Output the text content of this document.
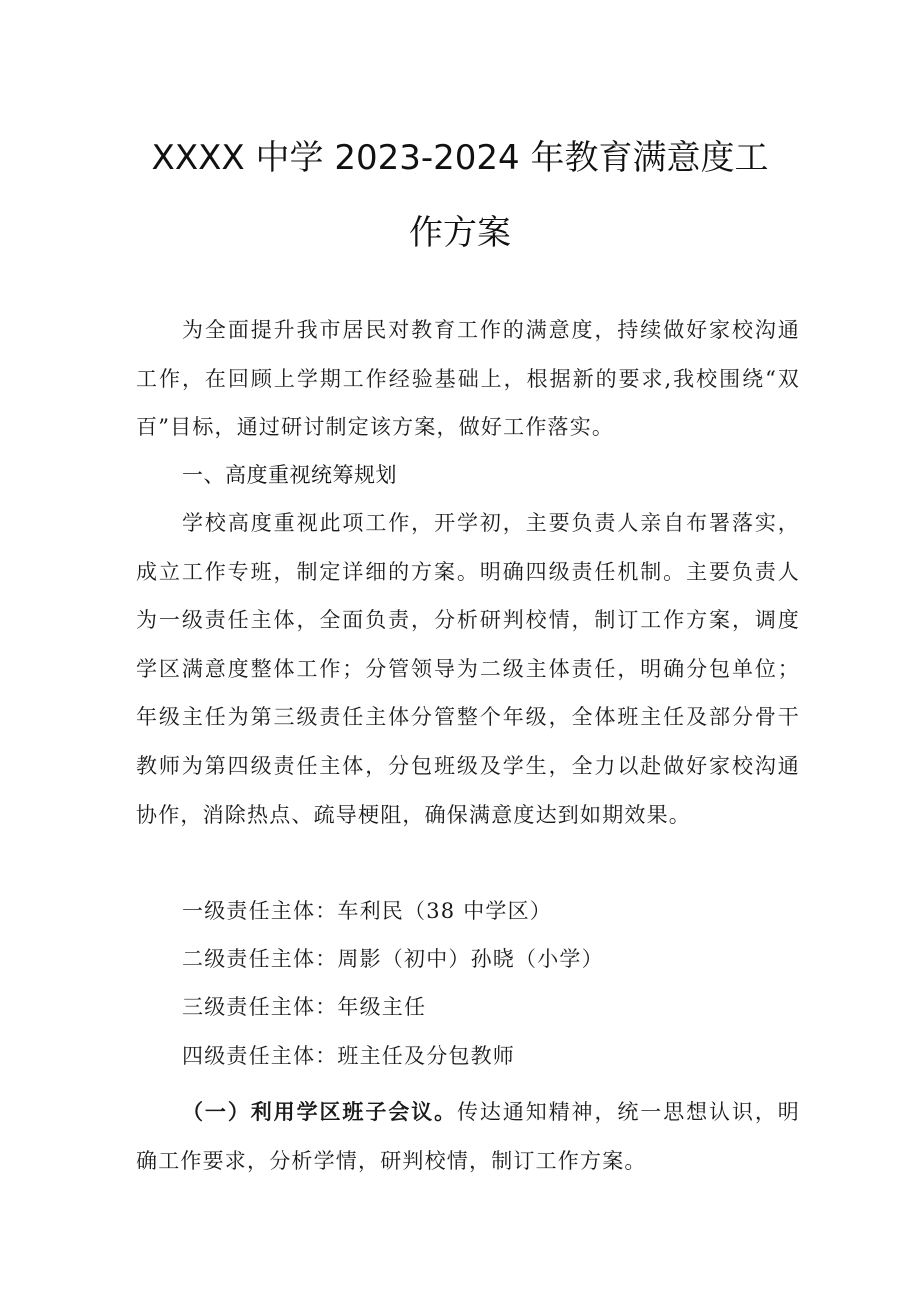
XXXX 中学 2023-2024 年教育满意度工
作方案
为全面提升我市居民对教育工作的满意度，持续做好家校沟通工作，在回顾上学期工作经验基础上，根据新的要求,我校围绕“双百”目标，通过研讨制定该方案，做好工作落实。
一、高度重视统筹规划
学校高度重视此项工作，开学初，主要负责人亲自布署落实，成立工作专班，制定详细的方案。明确四级责任机制。主要负责人为一级责任主体，全面负责，分析研判校情，制订工作方案，调度学区满意度整体工作；分管领导为二级主体责任，明确分包单位；年级主任为第三级责任主体分管整个年级，全体班主任及部分骨干教师为第四级责任主体，分包班级及学生，全力以赴做好家校沟通协作，消除热点、疏导梗阻，确保满意度达到如期效果。
一级责任主体：车利民（38 中学区）
二级责任主体：周影（初中）孙晓（小学）
三级责任主体：年级主任
四级责任主体：班主任及分包教师
（一）利用学区班子会议。传达通知精神，统一思想认识，明确工作要求，分析学情，研判校情，制订工作方案。
